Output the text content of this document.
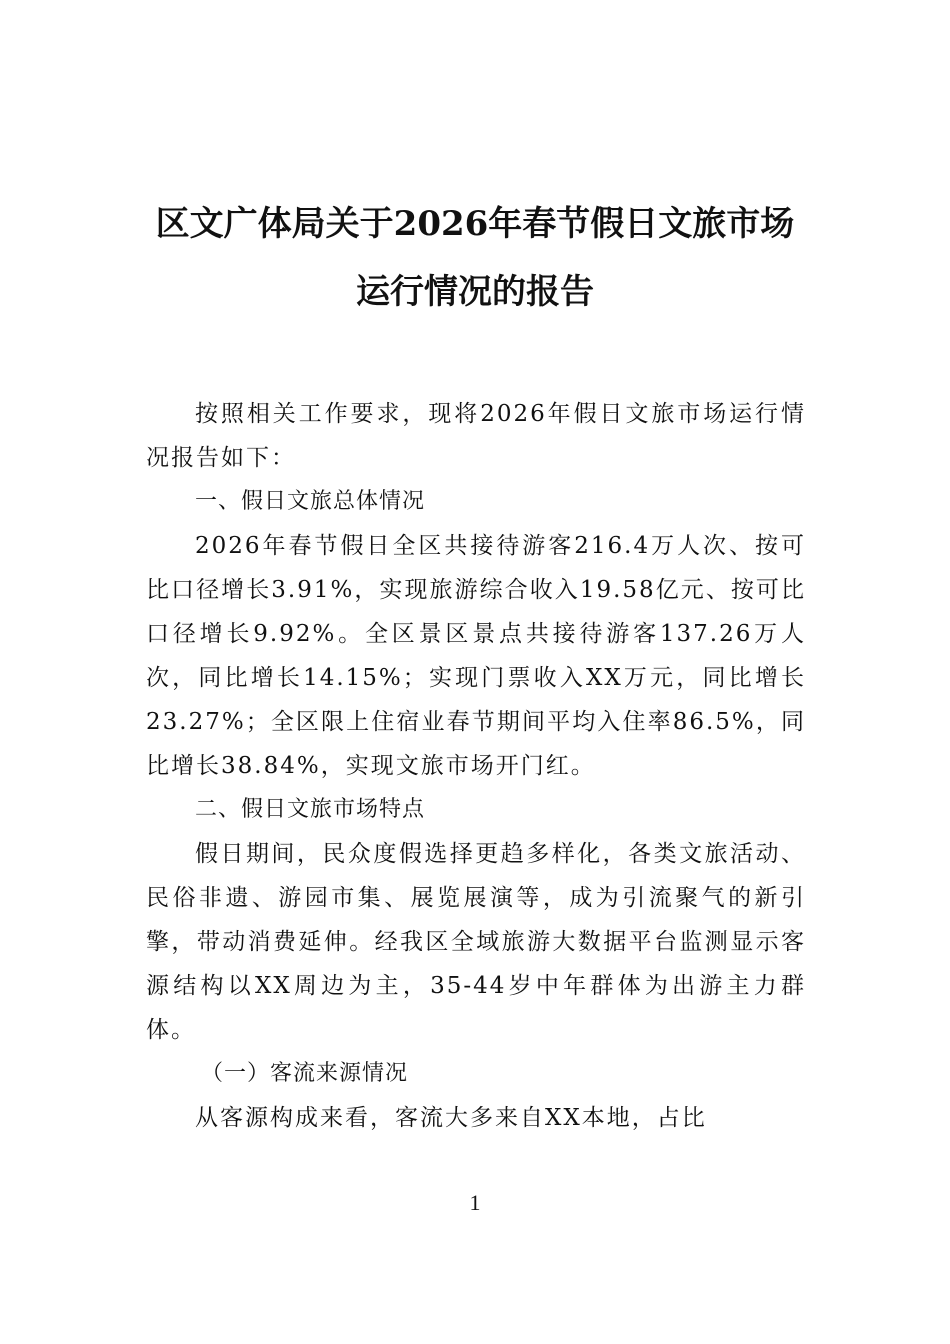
区文广体局关于2026年春节假日文旅市场
运行情况的报告

按照相关工作要求，现将2026年假日文旅市场运行情况报告如下：

一、假日文旅总体情况

2026年春节假日全区共接待游客216.4万人次、按可比口径增长3.91%，实现旅游综合收入19.58亿元、按可比口径增长9.92%。全区景区景点共接待游客137.26万人次，同比增长14.15%；实现门票收入XX万元，同比增长23.27%；全区限上住宿业春节期间平均入住率86.5%，同比增长38.84%，实现文旅市场开门红。

二、假日文旅市场特点

假日期间，民众度假选择更趋多样化，各类文旅活动、民俗非遗、游园市集、展览展演等，成为引流聚气的新引擎，带动消费延伸。经我区全域旅游大数据平台监测显示客源结构以XX周边为主，35-44岁中年群体为出游主力群体。

（一）客流来源情况

从客源构成来看，客流大多来自XX本地，占比

1
